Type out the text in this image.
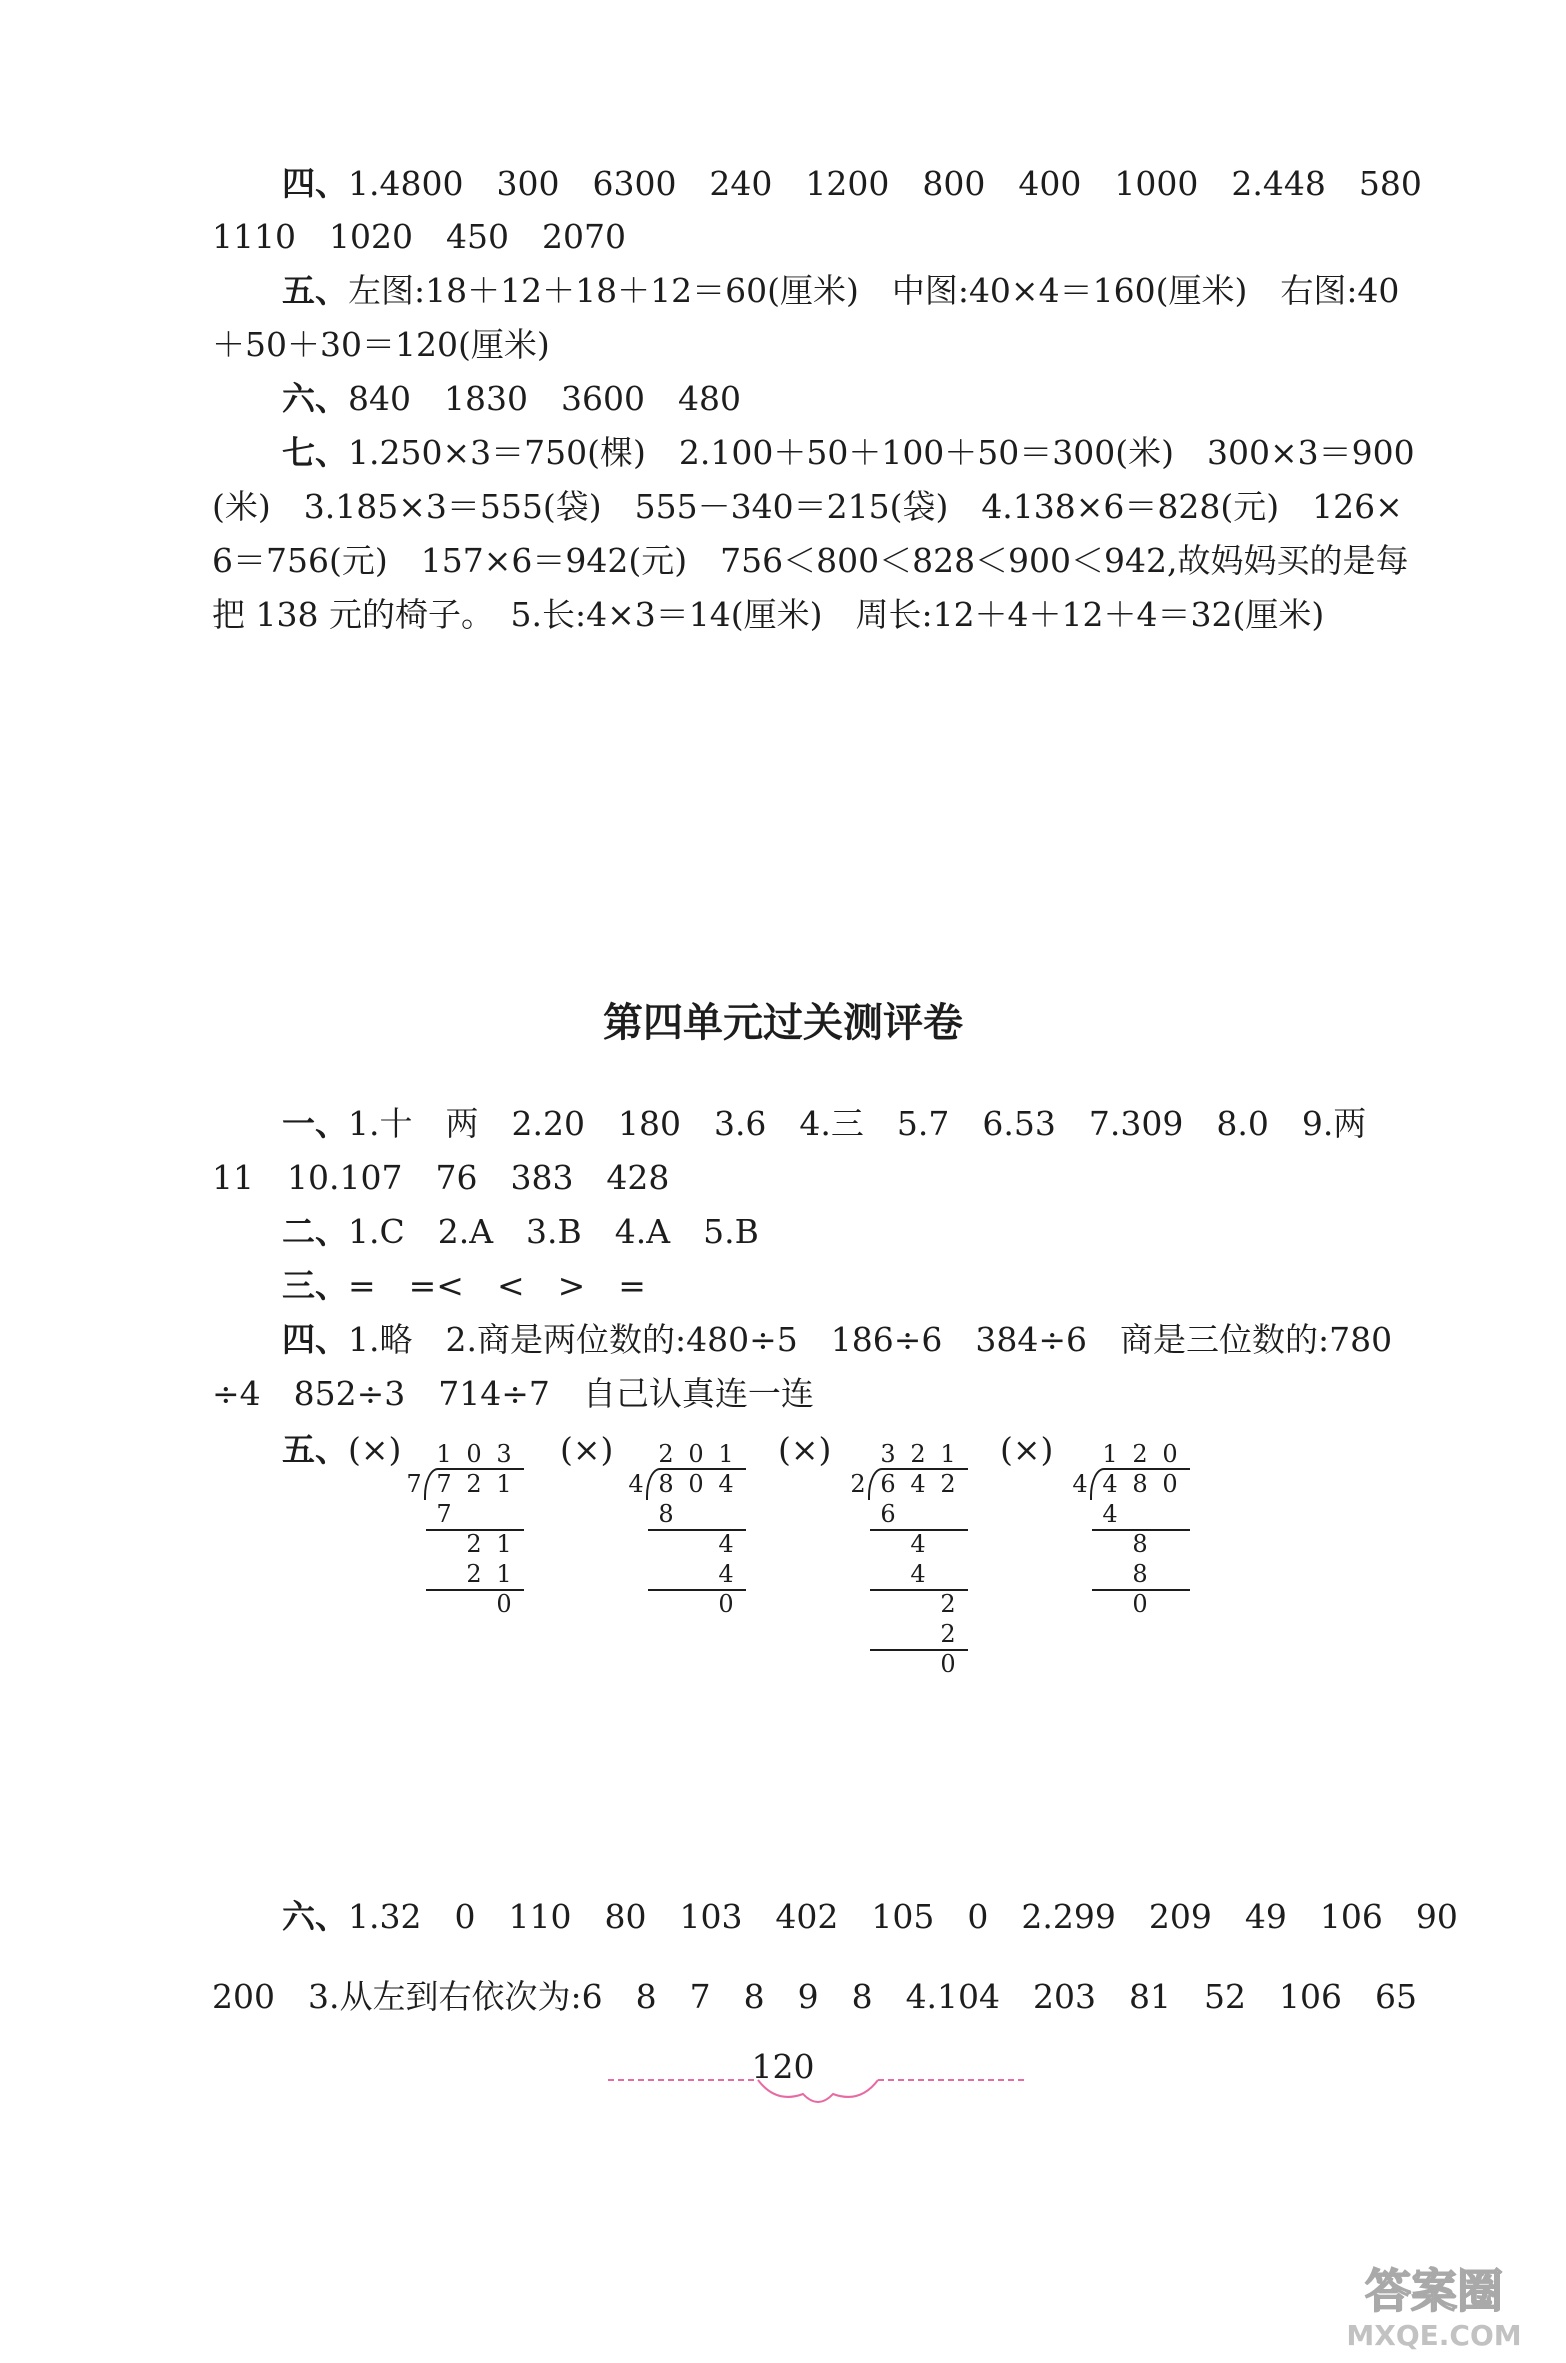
四、1.4800　300　6300　240　1200　800　400　1000　2.448　580
1110　1020　450　2070
五、左图:18＋12＋18＋12＝60(厘米)　中图:40×4＝160(厘米)　右图:40
＋50＋30＝120(厘米)
六、840　1830　3600　480
七、1.250×3＝750(棵)　2.100＋50＋100＋50＝300(米)　300×3＝900
(米)　3.185×3＝555(袋)　555－340＝215(袋)　4.138×6＝828(元)　126×
6＝756(元)　157×6＝942(元)　756＜800＜828＜900＜942,故妈妈买的是每
把 138 元的椅子。　5.长:4×3＝14(厘米)　周长:12＋4＋12＋4＝32(厘米)
第四单元过关测评卷
一、1.十　两　2.20　180　3.6　4.三　5.7　6.53　7.309　8.0　9.两
11　10.107　76　383　428
二、1.C　2.A　3.B　4.A　5.B
三、=　=<　<　>　=
四、1.略　2.商是两位数的:480÷5　186÷6　384÷6　商是三位数的:780
÷4　852÷3　714÷7　自己认真连一连
五、(×)	(×)	(×)	(×)
1 0 3
7 7 2 1
7
2 1
2 1
0
2 0 1
4 8 0 4
8
4
4
0
3 2 1
2 6 4 2
6
4
4
2
2
0
1 2 0
4 4 8 0
4
8
8
0
六、1.32　0　110　80　103　402　105　0　2.299　209　49　106　90
200　3.从左到右依次为:6　8　7　8　9　8　4.104　203　81　52　106　65
120
答案圈
MXQE.COM
